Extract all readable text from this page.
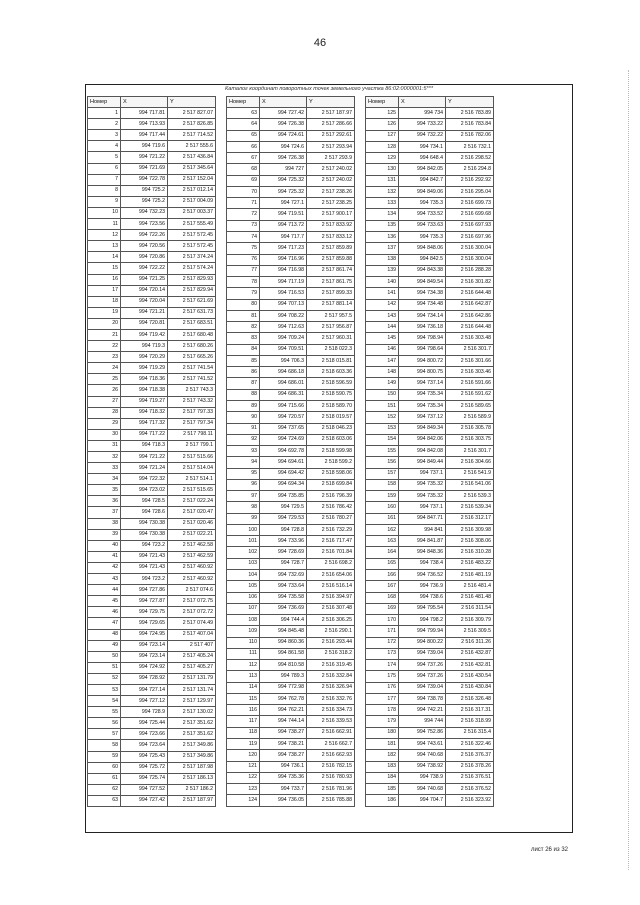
46
Каталог координат поворотных точек земельного участка 86:02:0000001:5***
Номер	X	Y
1	994 717.81	2 517 827.07
2	994 713.93	2 517 826.85
3	994 717.44	2 517 714.52
4	994 719.6	2 517 555.6
5	994 721.22	2 517 436.84
6	994 721.69	2 517 345.64
7	994 722.78	2 517 152.04
8	994 725.2	2 517 012.14
9	994 725.2	2 517 004.09
10	994 732.23	2 517 003.37
11	994 723.56	2 517 555.49
12	994 722.26	2 517 572.45
13	994 720.56	2 517 572.45
14	994 720.86	2 517 374.24
15	994 722.22	2 517 574.24
16	994 721.25	2 517 829.93
17	994 720.14	2 517 829.94
18	994 720.04	2 517 621.69
19	994 721.21	2 517 631.73
20	994 720.81	2 517 683.51
21	994 719.42	2 517 680.48
22	994 719.3	2 517 680.26
23	994 720.29	2 517 665.26
24	994 719.29	2 517 741.54
25	994 718.36	2 517 741.52
26	994 718.38	2 517 743.3
27	994 719.27	2 517 743.32
28	994 718.32	2 517 797.33
29	994 717.32	2 517 797.34
30	994 717.22	2 517 798.11
31	994 718.3	2 517 799.1
32	994 721.22	2 517 515.66
33	994 721.24	2 517 514.04
34	994 722.32	2 517 514.1
35	994 723.02	2 517 515.65
36	994 728.5	2 517 022.24
37	994 728.6	2 517 020.47
38	994 730.38	2 517 020.46
39	994 730.38	2 517 022.21
40	994 723.2	2 517 462.58
41	994 721.43	2 517 462.59
42	994 721.43	2 517 460.92
43	994 723.2	2 517 460.92
44	994 727.86	2 517 074.6
45	994 727.87	2 517 072.75
46	994 729.75	2 517 072.72
47	994 729.65	2 517 074.49
48	994 724.95	2 517 407.04
49	994 723.14	2 517 407
50	994 723.14	2 517 405.24
51	994 724.92	2 517 405.27
52	994 728.92	2 517 131.79
53	994 727.14	2 517 131.74
54	994 727.12	2 517 129.97
55	994 728.9	2 517 130.02
56	994 725.44	2 517 351.62
57	994 723.66	2 517 351.62
58	994 723.64	2 517 349.86
59	994 725.43	2 517 349.86
60	994 725.72	2 517 187.98
61	994 725.74	2 517 186.13
62	994 727.52	2 517 186.2
63	994 727.42	2 517 187.97
Номер	X	Y
63	994 727.42	2 517 187.97
64	994 726.38	2 517 286.66
65	994 724.61	2 517 292.61
66	994 724.6	2 517 293.94
67	994 726.38	2 517 293.9
68	994 727	2 517 240.02
69	994 725.32	2 517 240.02
70	994 725.32	2 517 238.26
71	994 727.1	2 517 238.25
72	994 719.51	2 517 900.17
73	994 713.72	2 517 833.92
74	994 717.7	2 517 833.12
75	994 717.23	2 517 859.89
76	994 716.96	2 517 859.88
77	994 716.98	2 517 861.74
78	994 717.19	2 517 861.75
79	994 716.53	2 517 899.33
80	994 707.13	2 517 881.14
81	994 708.22	2 517 957.5
82	994 712.63	2 517 956.87
83	994 709.24	2 517 960.31
84	994 709.51	2 518 022.3
85	994 706.3	2 518 015.81
86	994 686.18	2 518 603.36
87	994 686.01	2 518 596.59
88	994 686.31	2 518 590.75
89	994 715.66	2 518 589.70
90	994 720.57	2 518 019.57
91	994 737.65	2 518 046.23
92	994 724.69	2 518 603.06
93	994 692.78	2 518 599.98
94	994 694.61	2 518 599.2
95	994 694.42	2 518 598.06
96	994 694.34	2 518 699.84
97	994 735.85	2 516 796.39
98	994 729.5	2 516 786.42
99	994 729.53	2 516 780.27
100	994 728.8	2 516 732.29
101	994 733.96	2 516 717.47
102	994 728.69	2 516 701.84
103	994 728.7	2 516 698.2
104	994 732.69	2 516 654.06
105	994 733.64	2 516 516.14
106	994 735.58	2 516 394.97
107	994 736.69	2 516 307.48
108	994 744.4	2 516 306.25
109	994 845.48	2 516 290.1
110	994 860.36	2 516 293.44
111	994 861.58	2 516 318.2
112	994 810.58	2 516 319.45
113	994 789.3	2 516 332.84
114	994 772.98	2 516 326.94
115	994 762.78	2 516 332.76
116	994 762.21	2 516 334.73
117	994 744.14	2 516 339.53
118	994 738.27	2 516 662.91
119	994 738.21	2 516 662.7
120	994 738.27	2 516 662.93
121	994 736.1	2 516 782.15
122	994 735.36	2 516 780.93
123	994 733.7	2 516 781.96
124	994 736.05	2 516 785.88
Номер	X	Y
125	994 734	2 516 783.89
126	994 733.22	2 516 783.84
127	994 732.22	2 516 782.06
128	994 734.1	2 516 732.1
129	994 648.4	2 516 298.52
130	994 842.05	2 516 294.8
131	994 842.7	2 516 292.92
132	994 849.06	2 516 295.04
133	994 735.3	2 516 699.73
134	994 733.52	2 516 699.68
135	994 733.63	2 516 697.93
136	994 735.3	2 516 697.96
137	994 848.06	2 516 300.04
138	994 842.5	2 516 300.04
139	994 843.38	2 516 288.28
140	994 849.54	2 516 301.82
141	994 734.38	2 516 644.48
142	994 734.48	2 516 642.87
143	994 734.14	2 516 642.86
144	994 736.18	2 516 644.48
145	994 798.94	2 516 303.48
146	994 798.64	2 516 301.7
147	994 800.72	2 516 301.66
148	994 800.75	2 516 303.46
149	994 737.14	2 516 591.66
150	994 735.34	2 516 591.62
151	994 735.34	2 516 589.65
152	994 737.12	2 516 589.9
153	994 849.34	2 516 305.78
154	994 842.06	2 516 303.75
155	994 842.08	2 516 301.7
156	994 849.44	2 516 304.66
157	994 737.1	2 516 541.9
158	994 735.32	2 516 541.06
159	994 735.32	2 516 539.3
160	994 737.1	2 516 539.34
161	994 847.71	2 516 312.17
162	994 841	2 516 309.98
163	994 841.87	2 516 308.06
164	994 848.36	2 516 310.28
165	994 738.4	2 516 483.22
166	994 736.52	2 516 481.19
167	994 736.9	2 516 481.4
168	994 738.6	2 516 481.48
169	994 795.54	2 516 311.54
170	994 798.2	2 516 309.79
171	994 799.94	2 516 309.5
172	994 800.22	2 516 311.26
173	994 739.04	2 516 432.87
174	994 737.26	2 516 432.81
175	994 737.26	2 516 430.54
176	994 739.04	2 516 430.84
177	994 738.78	2 516 326.48
178	994 742.21	2 516 317.31
179	994 744	2 516 318.99
180	994 752.86	2 516 315.4
181	994 743.61	2 516 322.46
182	994 740.68	2 516 376.37
183	994 738.92	2 516 378.26
184	994 738.9	2 516 376.51
185	994 740.68	2 516 376.52
186	994 704.7	2 516 323.92
лист 26 из 32
